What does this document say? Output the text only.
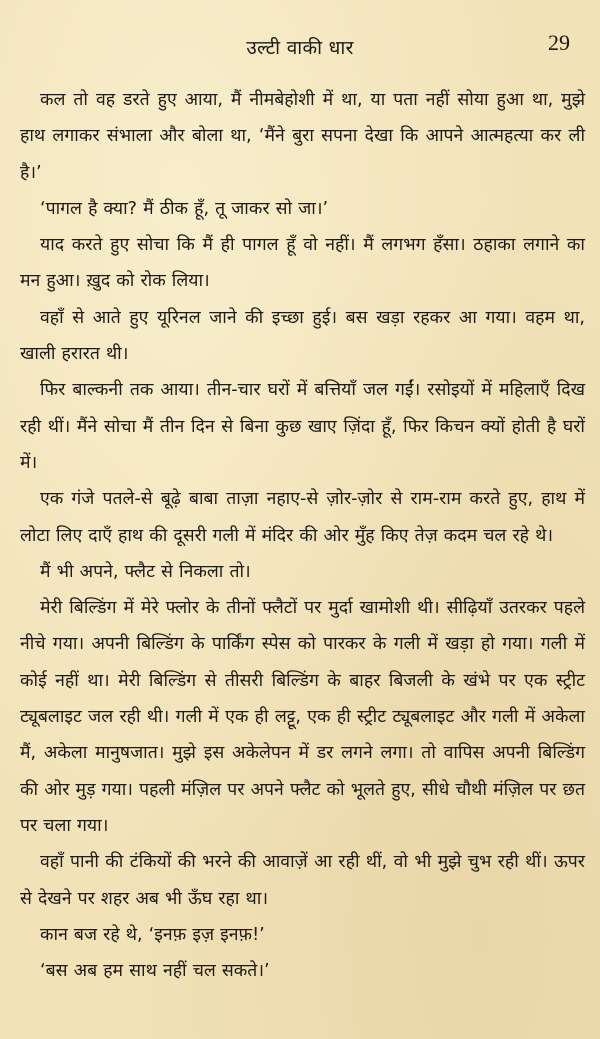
उल्टी वाकी धार	29

कल तो वह डरते हुए आया, मैं नीमबेहोशी में था, या पता नहीं सोया हुआ था, मुझे हाथ लगाकर संभाला और बोला था, ‘मैंने बुरा सपना देखा कि आपने आत्महत्या कर ली है।’

‘पागल है क्या? मैं ठीक हूँ, तू जाकर सो जा।’

याद करते हुए सोचा कि मैं ही पागल हूँ वो नहीं। मैं लगभग हँसा। ठहाका लगाने का मन हुआ। ख़ुद को रोक लिया।

वहाँ से आते हुए यूरिनल जाने की इच्छा हुई। बस खड़ा रहकर आ गया। वहम था, खाली हरारत थी।

फिर बाल्कनी तक आया। तीन-चार घरों में बत्तियाँ जल गईं। रसोइयों में महिलाएँ दिख रही थीं। मैंने सोचा मैं तीन दिन से बिना कुछ खाए ज़िंदा हूँ, फिर किचन क्यों होती है घरों में।

एक गंजे पतले-से बूढ़े बाबा ताज़ा नहाए-से ज़ोर-ज़ोर से राम-राम करते हुए, हाथ में लोटा लिए दाएँ हाथ की दूसरी गली में मंदिर की ओर मुँह किए तेज़ कदम चल रहे थे।

मैं भी अपने, फ्लैट से निकला तो।

मेरी बिल्डिंग में मेरे फ्लोर के तीनों फ्लैटों पर मुर्दा खामोशी थी। सीढ़ियाँ उतरकर पहले नीचे गया। अपनी बिल्डिंग के पार्किंग स्पेस को पारकर के गली में खड़ा हो गया। गली में कोई नहीं था। मेरी बिल्डिंग से तीसरी बिल्डिंग के बाहर बिजली के खंभे पर एक स्ट्रीट ट्यूबलाइट जल रही थी। गली में एक ही लट्टू, एक ही स्ट्रीट ट्यूबलाइट और गली में अकेला मैं, अकेला मानुषजात। मुझे इस अकेलेपन में डर लगने लगा। तो वापिस अपनी बिल्डिंग की ओर मुड़ गया। पहली मंज़िल पर अपने फ्लैट को भूलते हुए, सीधे चौथी मंज़िल पर छत पर चला गया।

वहाँ पानी की टंकियों की भरने की आवाज़ें आ रही थीं, वो भी मुझे चुभ रही थीं। ऊपर से देखने पर शहर अब भी ऊँघ रहा था।

कान बज रहे थे, ‘इनफ़ इज़ इनफ़!’

‘बस अब हम साथ नहीं चल सकते।’
